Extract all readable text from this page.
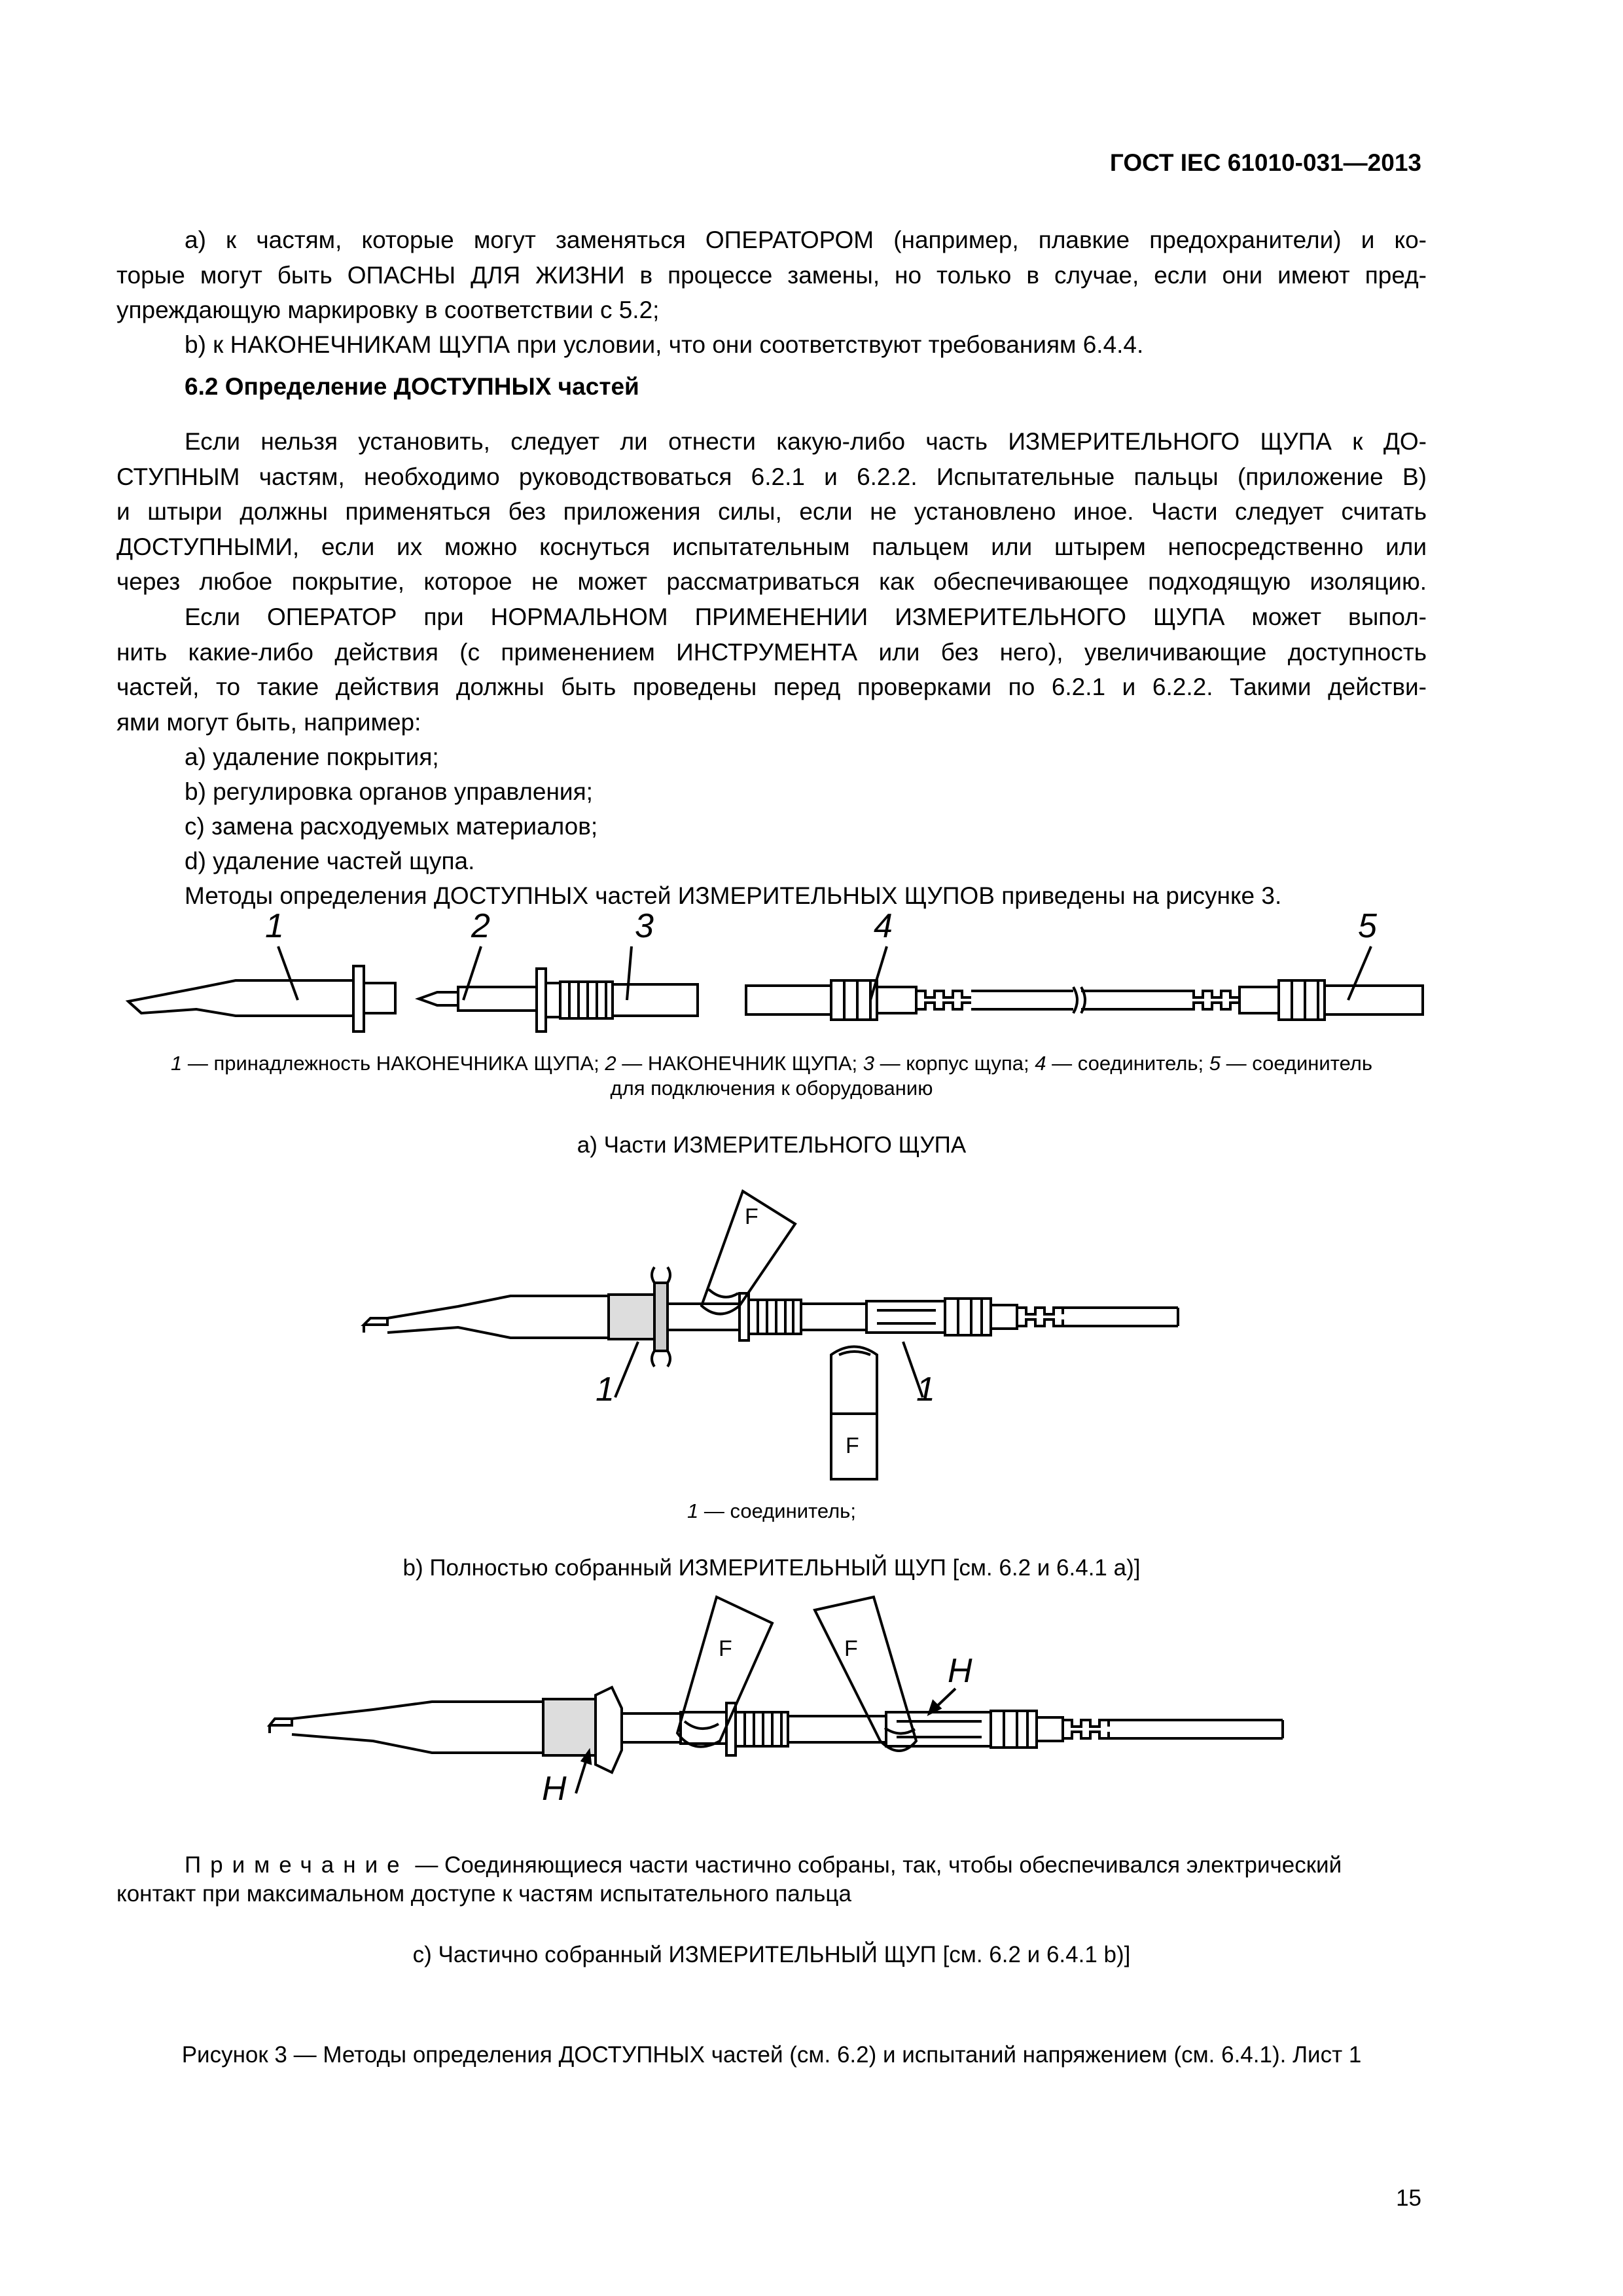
ГОСТ IEC 61010-031—2013
а) к частям, которые могут заменяться ОПЕРАТОРОМ (например, плавкие предохранители) и ко-
торые могут быть ОПАСНЫ ДЛЯ ЖИЗНИ в процессе замены, но только в случае, если они имеют пред-
упреждающую маркировку в соответствии с 5.2;
b) к НАКОНЕЧНИКАМ ЩУПА при условии, что они соответствуют требованиям 6.4.4.
6.2 Определение ДОСТУПНЫХ частей
Если нельзя установить, следует ли отнести какую-либо часть ИЗМЕРИТЕЛЬНОГО ЩУПА к ДО-
СТУПНЫМ частям, необходимо руководствоваться 6.2.1 и 6.2.2. Испытательные пальцы (приложение В)
и штыри должны применяться без приложения силы, если не установлено иное. Части следует считать
ДОСТУПНЫМИ, если их можно коснуться испытательным пальцем или штырем непосредственно или
через любое покрытие, которое не может рассматриваться как обеспечивающее подходящую изоляцию.
Если ОПЕРАТОР при НОРМАЛЬНОМ ПРИМЕНЕНИИ ИЗМЕРИТЕЛЬНОГО ЩУПА может выпол-
нить какие-либо действия (с применением ИНСТРУМЕНТА или без него), увеличивающие доступность
частей, то такие действия должны быть проведены перед проверками по 6.2.1 и 6.2.2. Такими действи-
ями могут быть, например:
а) удаление покрытия;
b) регулировка органов управления;
c) замена расходуемых материалов;
d) удаление частей щупа.
Методы определения ДОСТУПНЫХ частей ИЗМЕРИТЕЛЬНЫХ ЩУПОВ приведены на рисунке 3.
1	2	3	4	5
1 — принадлежность НАКОНЕЧНИКА ЩУПА; 2 — НАКОНЕЧНИК ЩУПА; 3 — корпус щупа; 4 — соединитель; 5 — соединитель
для подключения к оборудованию
а) Части ИЗМЕРИТЕЛЬНОГО ЩУПА
F
F
1	1
1 — соединитель;
b) Полностью собранный ИЗМЕРИТЕЛЬНЫЙ ЩУП [см. 6.2 и 6.4.1 а)]
F	F
H
H
Примечание — Соединяющиеся части частично собраны, так, чтобы обеспечивался электрический
контакт при максимальном доступе к частям испытательного пальца
c) Частично собранный ИЗМЕРИТЕЛЬНЫЙ ЩУП [см. 6.2 и 6.4.1 b)]
Рисунок 3 — Методы определения ДОСТУПНЫХ частей (см. 6.2) и испытаний напряжением (см. 6.4.1). Лист 1
15
